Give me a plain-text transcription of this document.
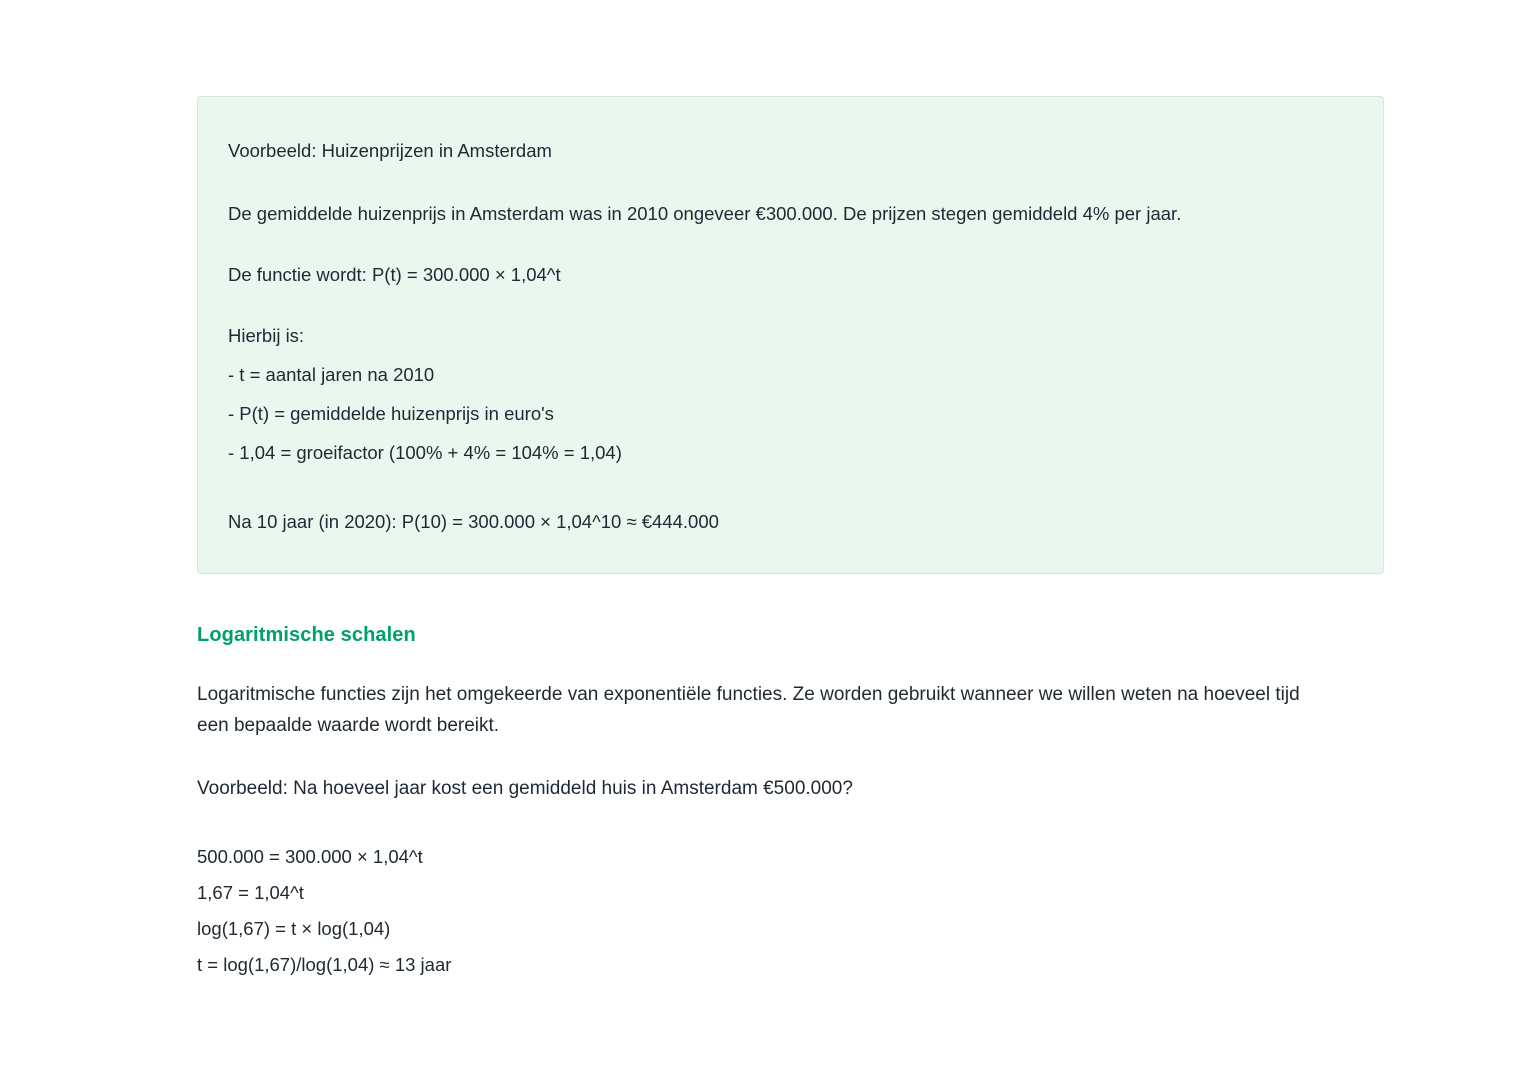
Voorbeeld: Huizenprijzen in Amsterdam

De gemiddelde huizenprijs in Amsterdam was in 2010 ongeveer €300.000. De prijzen stegen gemiddeld 4% per jaar.

De functie wordt: P(t) = 300.000 × 1,04^t

Hierbij is:

- t = aantal jaren na 2010

- P(t) = gemiddelde huizenprijs in euro's

- 1,04 = groeifactor (100% + 4% = 104% = 1,04)

Na 10 jaar (in 2020): P(10) = 300.000 × 1,04^10 ≈ €444.000

Logaritmische schalen

Logaritmische functies zijn het omgekeerde van exponentiële functies. Ze worden gebruikt wanneer we willen weten na hoeveel tijd een bepaalde waarde wordt bereikt.

Voorbeeld: Na hoeveel jaar kost een gemiddeld huis in Amsterdam €500.000?

500.000 = 300.000 × 1,04^t
1,67 = 1,04^t
log(1,67) = t × log(1,04)
t = log(1,67)/log(1,04) ≈ 13 jaar
